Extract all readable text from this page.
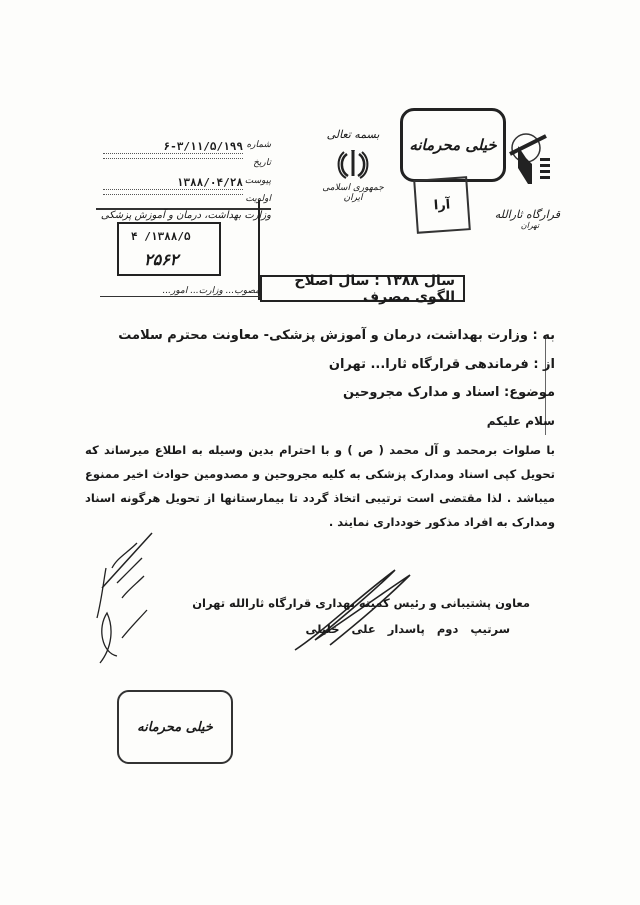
شماره
۶-۳/۱۱/۵/۱۹۹
تاریخ
پیوست
۱۳۸۸/۰۴/۲۸
اولویت
وزارت بهداشت، درمان و آموزش پزشکی
بسمه تعالی
جمهوری اسلامی ایران
خیلی محرمانه
آرا
قرارگاه ثارالله
تهران
۱۳۸۸/۵/ ۴
۲۵۶۲
مصوب... وزارت... امور...
سال ۱۳۸۸ : سال اصلاح الگوی مصرف
به : وزارت بهداشت، درمان و آموزش پزشکی- معاونت محترم سلامت
از : فرماندهی قرارگاه ثارا... تهران
موضوع: اسناد و مدارک مجروحین
سلام علیکم
با صلوات برمحمد و آل محمد ( ص ) و با احترام بدین وسیله به اطلاع میرساند که تحویل کپی اسناد ومدارک پزشکی به کلیه مجروحین و مصدومین حوادث اخیر ممنوع میباشد . لذا مقتضی است ترتیبی اتخاذ گردد تا بیمارستانها از تحویل هرگونه اسناد ومدارک به افراد مذکور خودداری نمایند .
معاون پشتیبانی و رئیس کمیته بهداری قرارگاه ثارالله تهران
سرتیپ دوم پاسدار علی خلیلی
خیلی محرمانه
